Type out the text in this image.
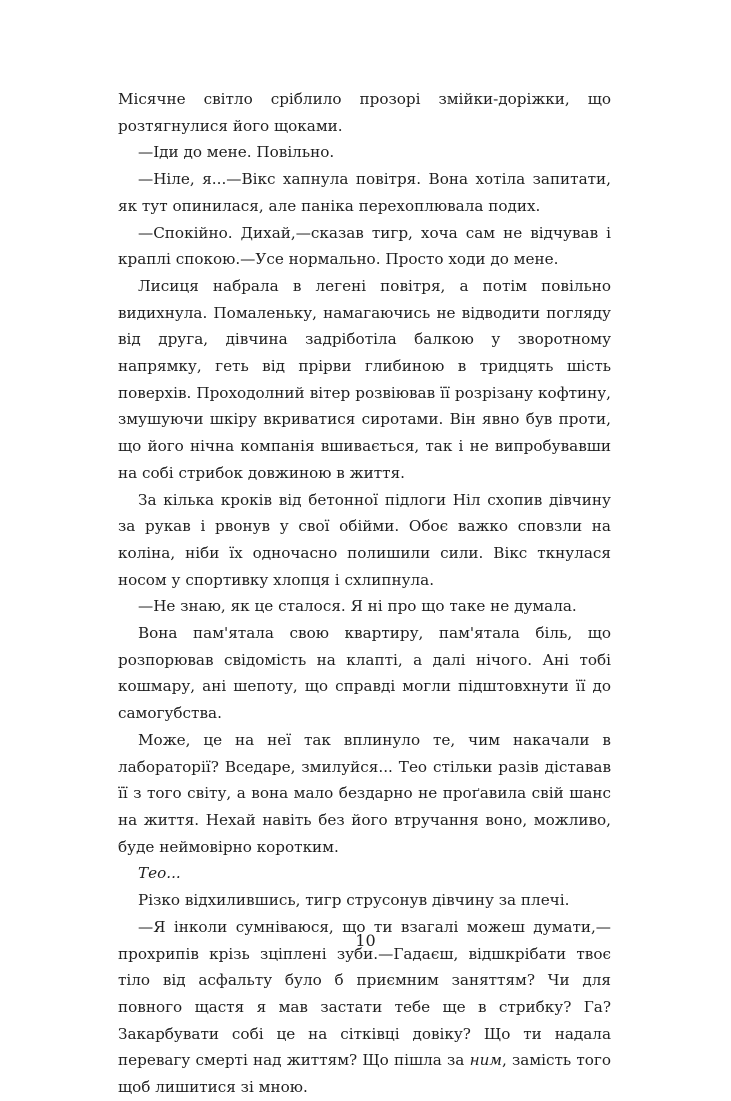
Місячне світло сріблило прозорі змійки-доріжки, що розтягнулися його щоками.

—Іди до мене. Повільно.

—Ніле, я...—Вікс хапнула повітря. Вона хотіла запитати, як тут опинилася, але паніка перехоплювала подих.

—Спокійно. Дихай,—сказав тигр, хоча сам не відчував і краплі спокою.—Усе нормально. Просто ходи до мене.

Лисиця набрала в легені повітря, а потім повільно видихнула. Помаленьку, намагаючись не відводити погляду від друга, дівчина задріботіла балкою у зворотному напрямку, геть від прірви глибиною в тридцять шість поверхів. Проходолний вітер розвіював її розрізану кофтину, змушуючи шкіру вкриватися сиротами. Він явно був проти, що його нічна компанія вшивається, так і не випробувавши на собі стрибок довжиною в життя.

За кілька кроків від бетонної підлоги Ніл схопив дівчину за рукав і рвонув у свої обійми. Обоє важко сповзли на коліна, ніби їх одночасно полишили сили. Вікс ткнулася носом у спортивку хлопця і схлипнула.

—Не знаю, як це сталося. Я ні про що таке не думала.

Вона пам'ятала свою квартиру, пам'ятала біль, що розпорював свідомість на клапті, а далі нічого. Ані тобі кошмару, ані шепоту, що справді могли підштовхнути її до самогубства.

Може, це на неї так вплинуло те, чим накачали в лабораторії? Вседаре, змилуйся... Тео стільки разів діставав її з того світу, а вона мало бездарно не проґавила свій шанс на життя. Нехай навіть без його втручання воно, можливо, буде неймовірно коротким.

Тео...

Різко відхилившись, тигр струсонув дівчину за плечі.

—Я інколи сумніваюся, що ти взагалі можеш думати,—прохрипів крізь зціплені зуби.—Гадаєш, відшкрібати твоє тіло від асфальту було б приємним заняттям? Чи для повного щастя я мав застати тебе ще в стрибку? Га? Закарбувати собі це на сітківці довіку? Що ти надала перевагу смерті над життям? Що пішла за ним, замість того щоб лишитися зі мною.

10
